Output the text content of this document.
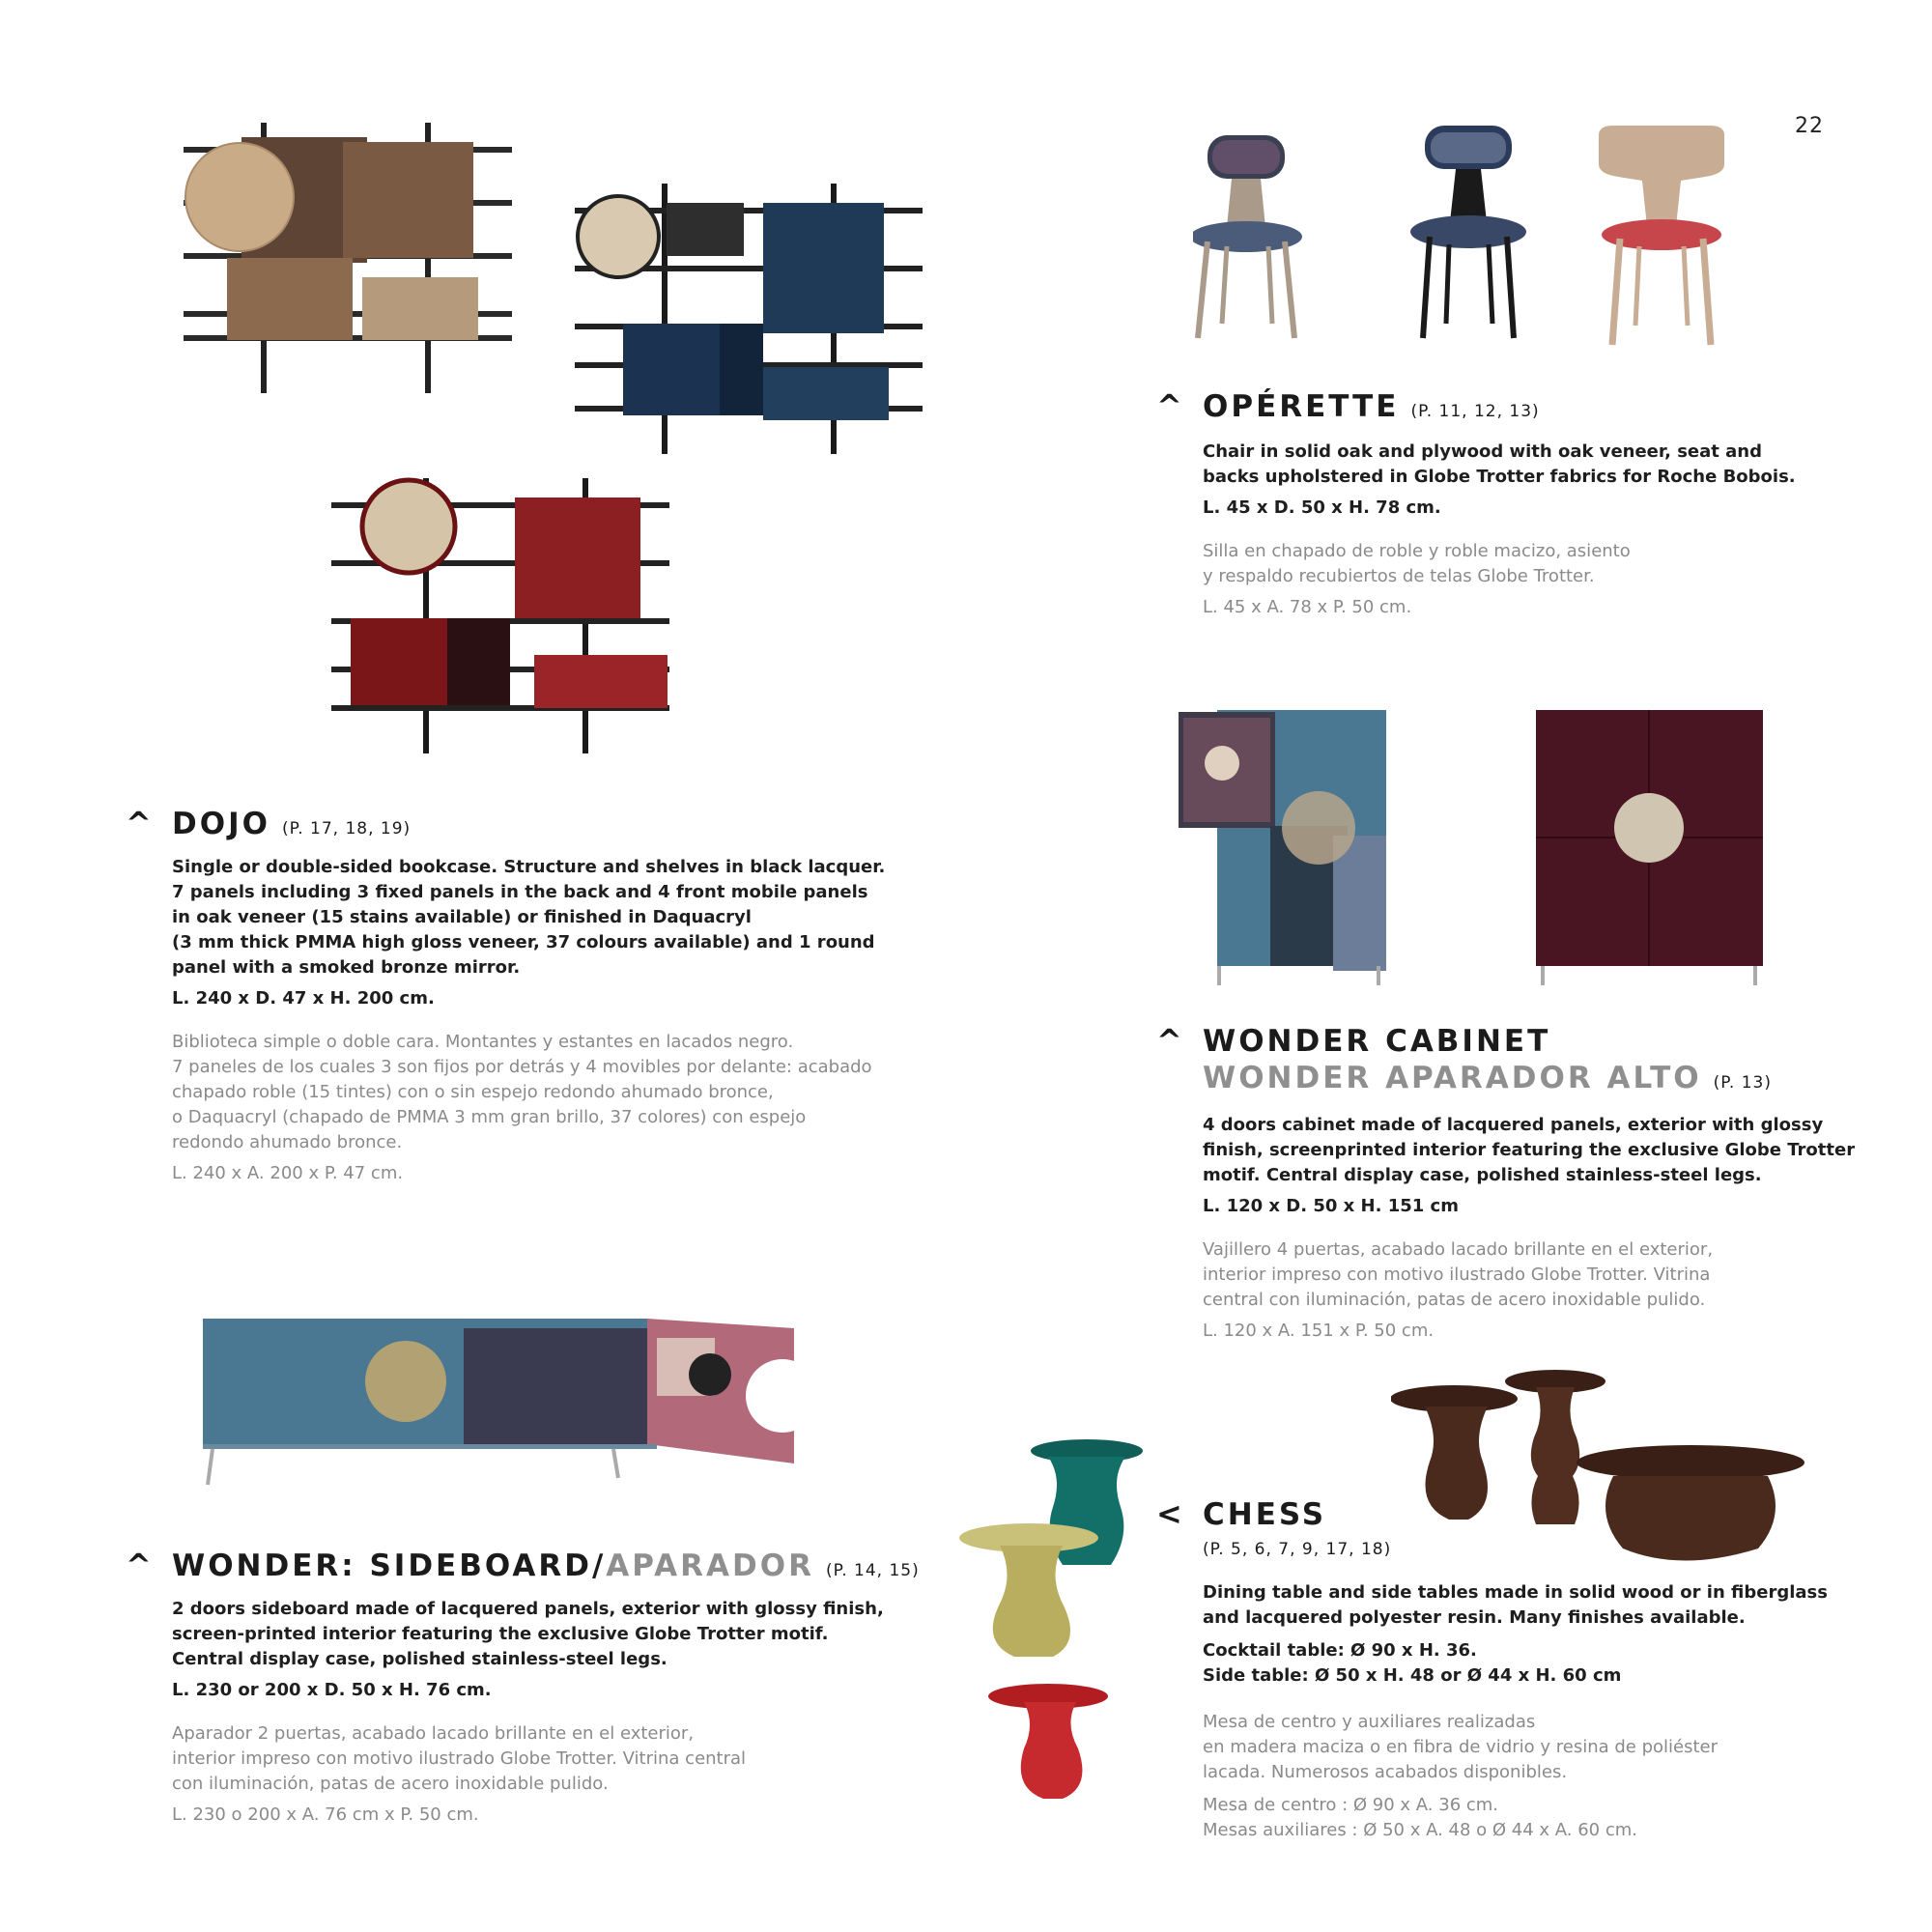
22
^ DOJO (P. 17, 18, 19)
Single or double-sided bookcase. Structure and shelves in black lacquer.
7 panels including 3 fixed panels in the back and 4 front mobile panels
in oak veneer (15 stains available) or finished in Daquacryl
(3 mm thick PMMA high gloss veneer, 37 colours available) and 1 round
panel with a smoked bronze mirror.
L. 240 x D. 47 x H. 200 cm.
Biblioteca simple o doble cara. Montantes y estantes en lacados negro.
7 paneles de los cuales 3 son fijos por detrás y 4 movibles por delante: acabado
chapado roble (15 tintes) con o sin espejo redondo ahumado bronce,
o Daquacryl (chapado de PMMA 3 mm gran brillo, 37 colores) con espejo
redondo ahumado bronce.
L. 240 x A. 200 x P. 47 cm.
^ WONDER: SIDEBOARD/APARADOR (P. 14, 15)
2 doors sideboard made of lacquered panels, exterior with glossy finish,
screen-printed interior featuring the exclusive Globe Trotter motif.
Central display case, polished stainless-steel legs.
L. 230 or 200 x D. 50 x H. 76 cm.
Aparador 2 puertas, acabado lacado brillante en el exterior,
interior impreso con motivo ilustrado Globe Trotter. Vitrina central
con iluminación, patas de acero inoxidable pulido.
L. 230 o 200 x A. 76 cm x P. 50 cm.
^ OPÉRETTE (P. 11, 12, 13)
Chair in solid oak and plywood with oak veneer, seat and
backs upholstered in Globe Trotter fabrics for Roche Bobois.
L. 45 x D. 50 x H. 78 cm.
Silla en chapado de roble y roble macizo, asiento
y respaldo recubiertos de telas Globe Trotter.
L. 45 x A. 78 x P. 50 cm.
^ WONDER CABINET
WONDER APARADOR ALTO (P. 13)
4 doors cabinet made of lacquered panels, exterior with glossy
finish, screenprinted interior featuring the exclusive Globe Trotter
motif. Central display case, polished stainless-steel legs.
L. 120 x D. 50 x H. 151 cm
Vajillero 4 puertas, acabado lacado brillante en el exterior,
interior impreso con motivo ilustrado Globe Trotter. Vitrina
central con iluminación, patas de acero inoxidable pulido.
L. 120 x A. 151 x P. 50 cm.
< CHESS
(P. 5, 6, 7, 9, 17, 18)
Dining table and side tables made in solid wood or in fiberglass
and lacquered polyester resin. Many finishes available.
Cocktail table: Ø 90 x H. 36.
Side table: Ø 50 x H. 48 or Ø 44 x H. 60 cm
Mesa de centro y auxiliares realizadas
en madera maciza o en fibra de vidrio y resina de poliéster
lacada. Numerosos acabados disponibles.
Mesa de centro : Ø 90 x A. 36 cm.
Mesas auxiliares : Ø 50 x A. 48 o Ø 44 x A. 60 cm.
